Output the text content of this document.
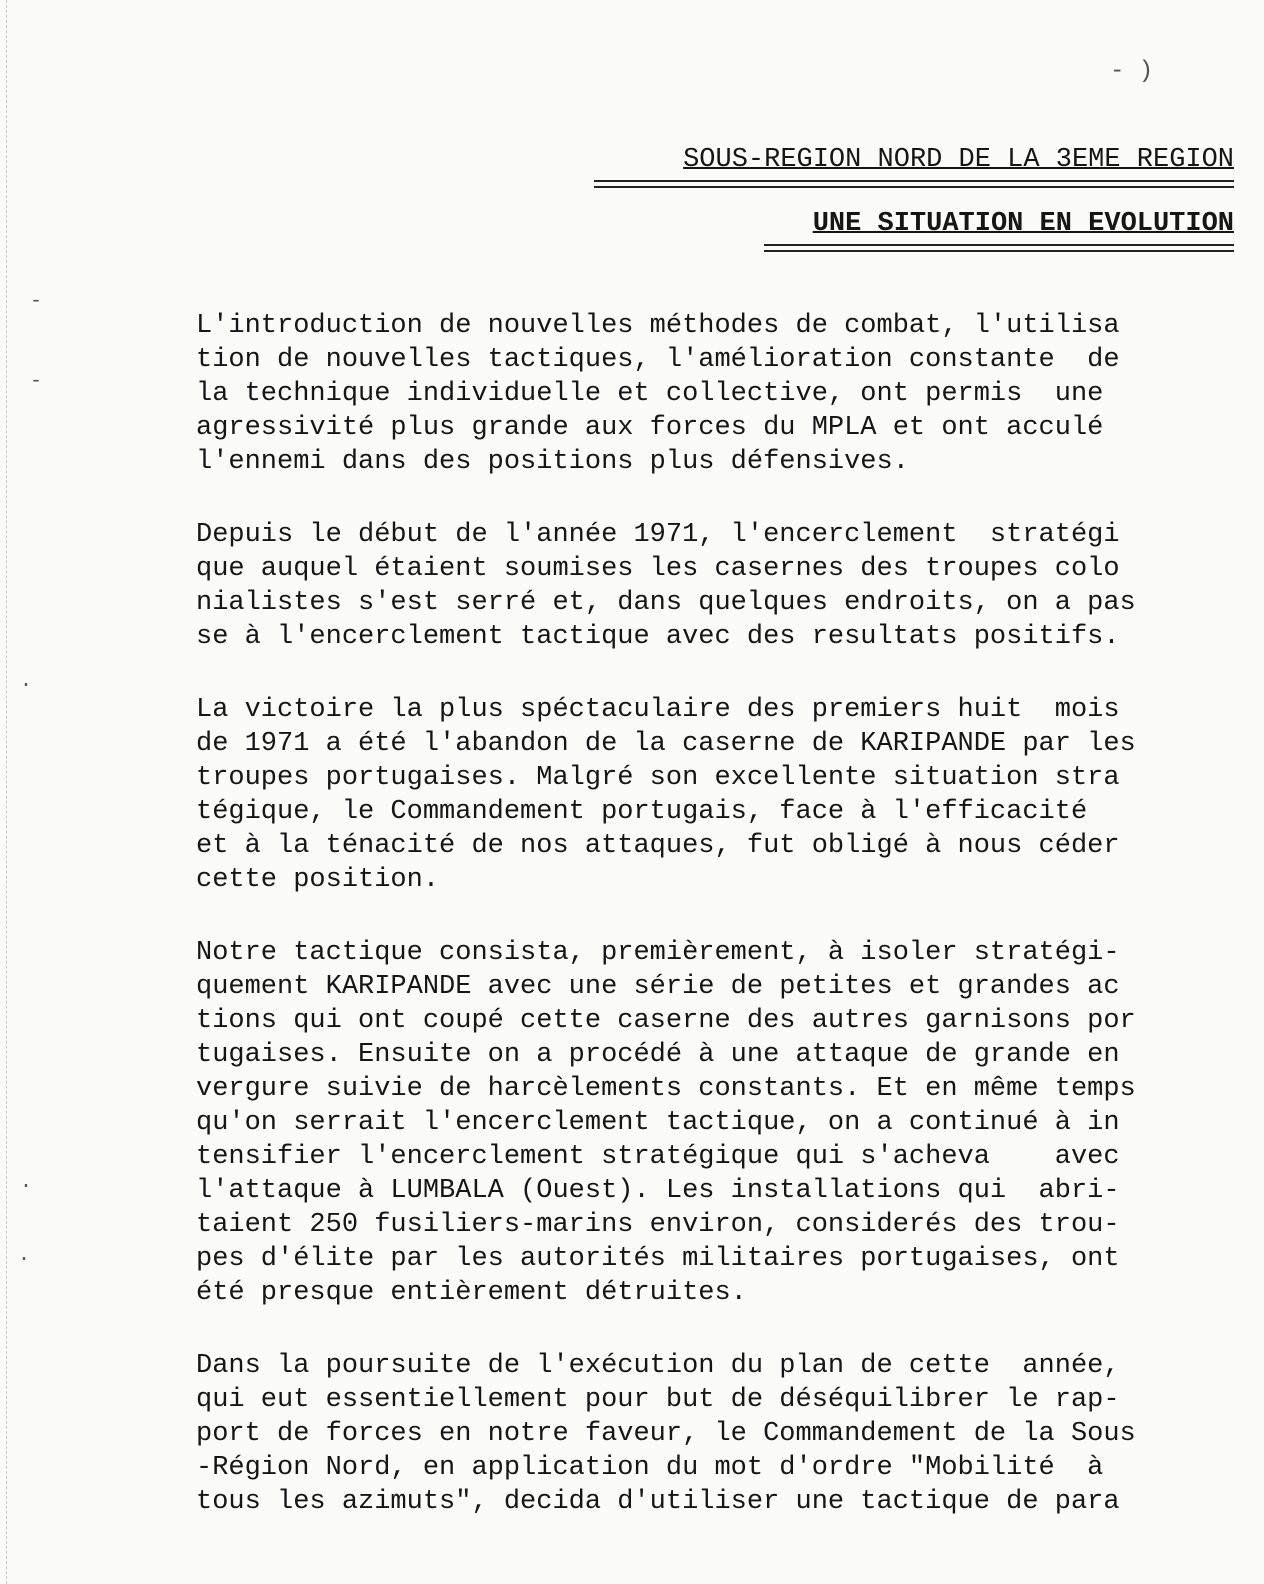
-
-
·
·
·
- )
SOUS-REGION NORD DE LA 3EME REGION
UNE SITUATION EN EVOLUTION

L'introduction de nouvelles méthodes de combat, l'utilisa
tion de nouvelles tactiques, l'amélioration constante  de
la technique individuelle et collective, ont permis  une
agressivité plus grande aux forces du MPLA et ont acculé
l'ennemi dans des positions plus défensives.

Depuis le début de l'année 1971, l'encerclement  stratégi
que auquel étaient soumises les casernes des troupes colo
nialistes s'est serré et, dans quelques endroits, on a pas
se à l'encerclement tactique avec des resultats positifs.

La victoire la plus spéctaculaire des premiers huit  mois
de 1971 a été l'abandon de la caserne de KARIPANDE par les
troupes portugaises. Malgré son excellente situation stra
tégique, le Commandement portugais, face à l'efficacité
et à la ténacité de nos attaques, fut obligé à nous céder
cette position.

Notre tactique consista, premièrement, à isoler stratégi-
quement KARIPANDE avec une série de petites et grandes ac
tions qui ont coupé cette caserne des autres garnisons por
tugaises. Ensuite on a procédé à une attaque de grande en
vergure suivie de harcèlements constants. Et en même temps
qu'on serrait l'encerclement tactique, on a continué à in
tensifier l'encerclement stratégique qui s'acheva    avec
l'attaque à LUMBALA (Ouest). Les installations qui  abri-
taient 250 fusiliers-marins environ, considerés des trou-
pes d'élite par les autorités militaires portugaises, ont
été presque entièrement détruites.

Dans la poursuite de l'exécution du plan de cette  année,
qui eut essentiellement pour but de déséquilibrer le rap-
port de forces en notre faveur, le Commandement de la Sous
-Région Nord, en application du mot d'ordre "Mobilité  à
tous les azimuts", decida d'utiliser une tactique de para
